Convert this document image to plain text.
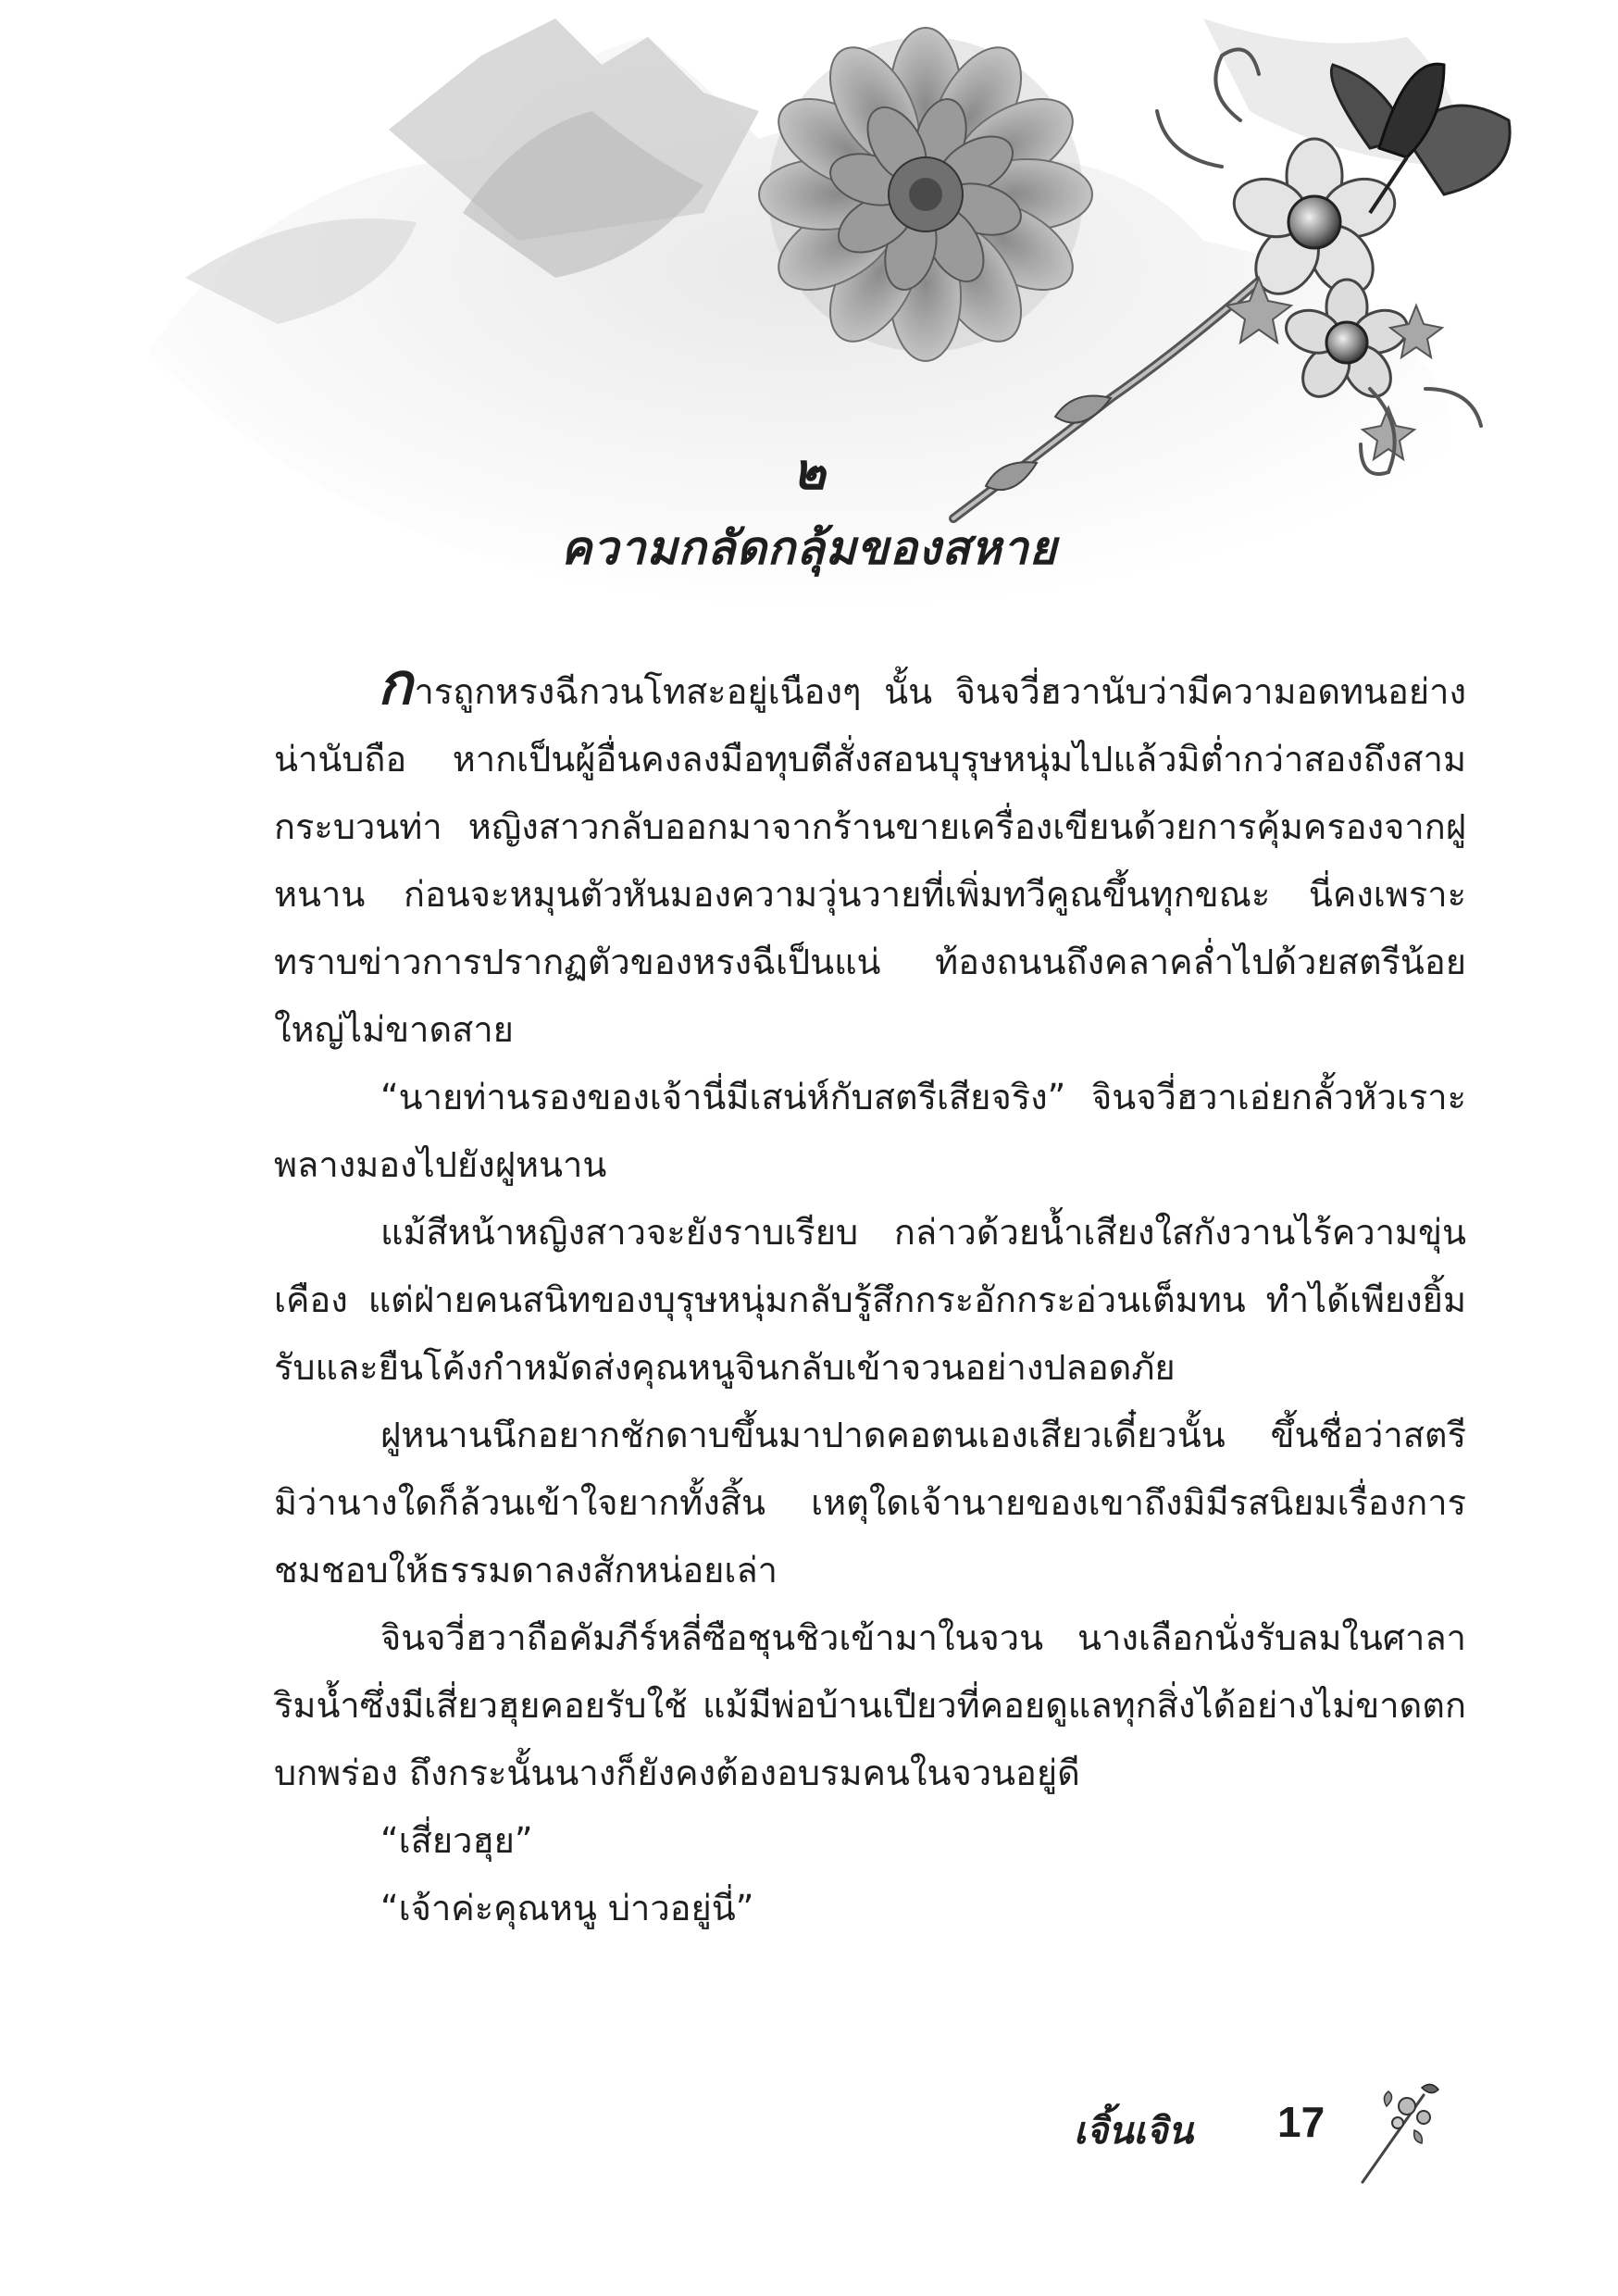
๒
ความกลัดกลุ้มของสหาย

การถูกหรงฉีกวนโทสะอยู่เนืองๆ นั้น จินจวี่ฮวานับว่ามีความอดทนอย่างน่านับถือ หากเป็นผู้อื่นคงลงมือทุบตีสั่งสอนบุรุษหนุ่มไปแล้วมิต่ำกว่าสองถึงสามกระบวนท่า หญิงสาวกลับออกมาจากร้านขายเครื่องเขียนด้วยการคุ้มครองจากฝูหนาน ก่อนจะหมุนตัวหันมองความวุ่นวายที่เพิ่มทวีคูณขึ้นทุกขณะ นี่คงเพราะทราบข่าวการปรากฏตัวของหรงฉีเป็นแน่ ท้องถนนถึงคลาคล่ำไปด้วยสตรีน้อยใหญ่ไม่ขาดสาย

“นายท่านรองของเจ้านี่มีเสน่ห์กับสตรีเสียจริง” จินจวี่ฮวาเอ่ยกลั้วหัวเราะพลางมองไปยังฝูหนาน

แม้สีหน้าหญิงสาวจะยังราบเรียบ กล่าวด้วยน้ำเสียงใสกังวานไร้ความขุ่นเคือง แต่ฝ่ายคนสนิทของบุรุษหนุ่มกลับรู้สึกกระอักกระอ่วนเต็มทน ทำได้เพียงยิ้มรับและยืนโค้งกำหมัดส่งคุณหนูจินกลับเข้าจวนอย่างปลอดภัย

ฝูหนานนึกอยากชักดาบขึ้นมาปาดคอตนเองเสียวเดี๋ยวนั้น ขึ้นชื่อว่าสตรี มิว่านางใดก็ล้วนเข้าใจยากทั้งสิ้น เหตุใดเจ้านายของเขาถึงมิมีรสนิยมเรื่องการชมชอบให้ธรรมดาลงสักหน่อยเล่า

จินจวี่ฮวาถือคัมภีร์หลี่ซือชุนชิวเข้ามาในจวน นางเลือกนั่งรับลมในศาลาริมน้ำซึ่งมีเสี่ยวฮุยคอยรับใช้ แม้มีพ่อบ้านเปียวที่คอยดูแลทุกสิ่งได้อย่างไม่ขาดตกบกพร่อง ถึงกระนั้นนางก็ยังคงต้องอบรมคนในจวนอยู่ดี

“เสี่ยวฮุย”

“เจ้าค่ะคุณหนู บ่าวอยู่นี่”

เจิ้นเจิน 17
